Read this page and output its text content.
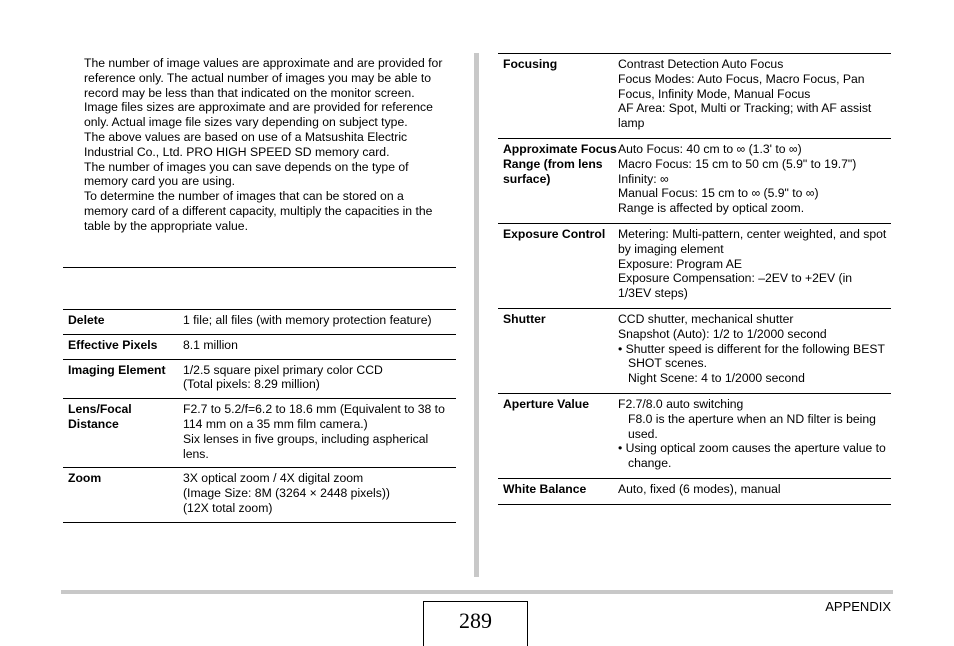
The number of image values are approximate and are provided for reference only. The actual number of images you may be able to record may be less than that indicated on the monitor screen.

Image files sizes are approximate and are provided for reference only. Actual image file sizes vary depending on subject type.

The above values are based on use of a Matsushita Electric Industrial Co., Ltd. PRO HIGH SPEED SD memory card.

The number of images you can save depends on the type of memory card you are using.

To determine the number of images that can be stored on a memory card of a different capacity, multiply the capacities in the table by the appropriate value.

Delete	1 file; all files (with memory protection feature)

Effective Pixels	8.1 million

Imaging Element	1/2.5 square pixel primary color CCD
(Total pixels: 8.29 million)

Lens/Focal Distance	F2.7 to 5.2/f=6.2 to 18.6 mm (Equivalent to 38 to 114 mm on a 35 mm film camera.)
Six lenses in five groups, including aspherical lens.

Zoom	3X optical zoom / 4X digital zoom
(Image Size: 8M (3264 × 2448 pixels))
(12X total zoom)
Focusing	Contrast Detection Auto Focus
Focus Modes: Auto Focus, Macro Focus, Pan Focus, Infinity Mode, Manual Focus
AF Area: Spot, Multi or Tracking; with AF assist lamp

Approximate Focus Range (from lens surface)	Auto Focus: 40 cm to ∞ (1.3' to ∞)
Macro Focus: 15 cm to 50 cm (5.9" to 19.7")
Infinity: ∞
Manual Focus: 15 cm to ∞ (5.9" to ∞)
Range is affected by optical zoom.

Exposure Control	Metering: Multi-pattern, center weighted, and spot by imaging element
Exposure: Program AE
Exposure Compensation: –2EV to +2EV (in 1/3EV steps)

Shutter	CCD shutter, mechanical shutter
Snapshot (Auto): 1/2 to 1/2000 second
• Shutter speed is different for the following BEST SHOT scenes.
Night Scene: 4 to 1/2000 second

Aperture Value	F2.7/8.0 auto switching
F8.0 is the aperture when an ND filter is being used.
• Using optical zoom causes the aperture value to change.

White Balance	Auto, fixed (6 modes), manual
289
APPENDIX
